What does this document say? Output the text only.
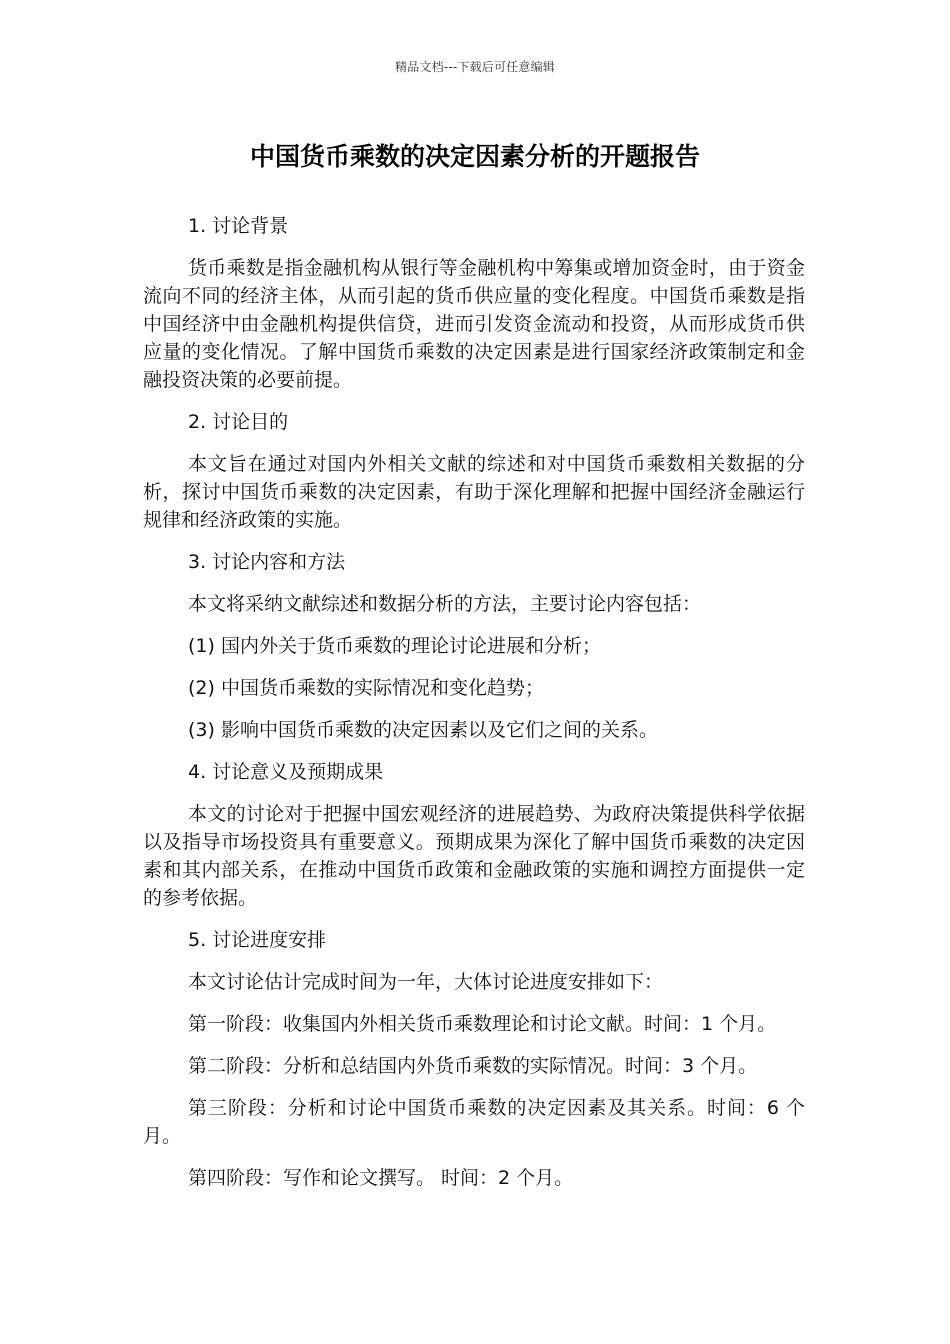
精品文档---下载后可任意编辑
中国货币乘数的决定因素分析的开题报告

1. 讨论背景

货币乘数是指金融机构从银行等金融机构中筹集或增加资金时，由于资金流向不同的经济主体，从而引起的货币供应量的变化程度。中国货币乘数是指中国经济中由金融机构提供信贷，进而引发资金流动和投资，从而形成货币供应量的变化情况。了解中国货币乘数的决定因素是进行国家经济政策制定和金融投资决策的必要前提。

2. 讨论目的

本文旨在通过对国内外相关文献的综述和对中国货币乘数相关数据的分析，探讨中国货币乘数的决定因素，有助于深化理解和把握中国经济金融运行规律和经济政策的实施。

3. 讨论内容和方法

本文将采纳文献综述和数据分析的方法，主要讨论内容包括：

(1) 国内外关于货币乘数的理论讨论进展和分析；

(2) 中国货币乘数的实际情况和变化趋势；

(3) 影响中国货币乘数的决定因素以及它们之间的关系。

4. 讨论意义及预期成果

本文的讨论对于把握中国宏观经济的进展趋势、为政府决策提供科学依据以及指导市场投资具有重要意义。预期成果为深化了解中国货币乘数的决定因素和其内部关系，在推动中国货币政策和金融政策的实施和调控方面提供一定的参考依据。

5. 讨论进度安排

本文讨论估计完成时间为一年，大体讨论进度安排如下：

第一阶段：收集国内外相关货币乘数理论和讨论文献。时间：1 个月。

第二阶段：分析和总结国内外货币乘数的实际情况。时间：3 个月。

第三阶段：分析和讨论中国货币乘数的决定因素及其关系。时间：6 个月。

第四阶段：写作和论文撰写。 时间：2 个月。
